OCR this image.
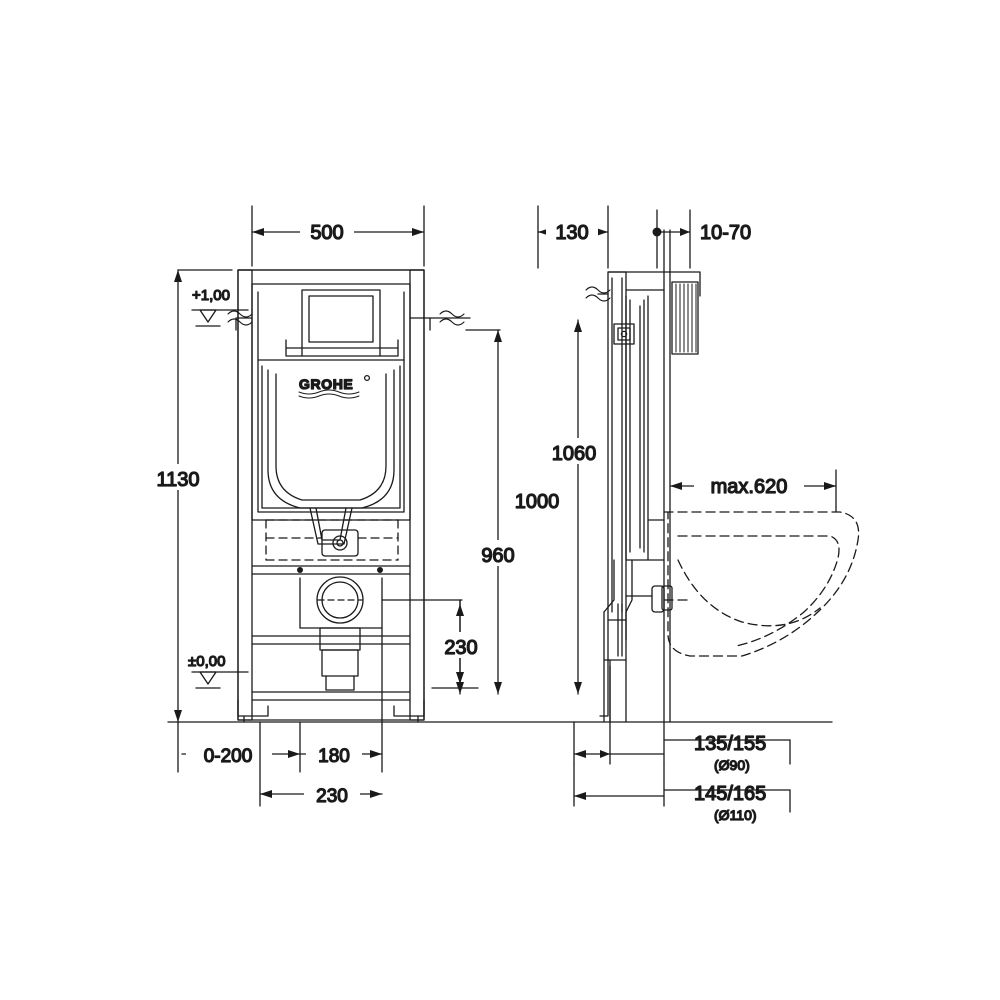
GROHE
500
1130
+1,00
±0,00
1000
960
230
1060
0-200	180
230
130	10-70
max.620
135/155
(Ø90)
145/165
(Ø110)
